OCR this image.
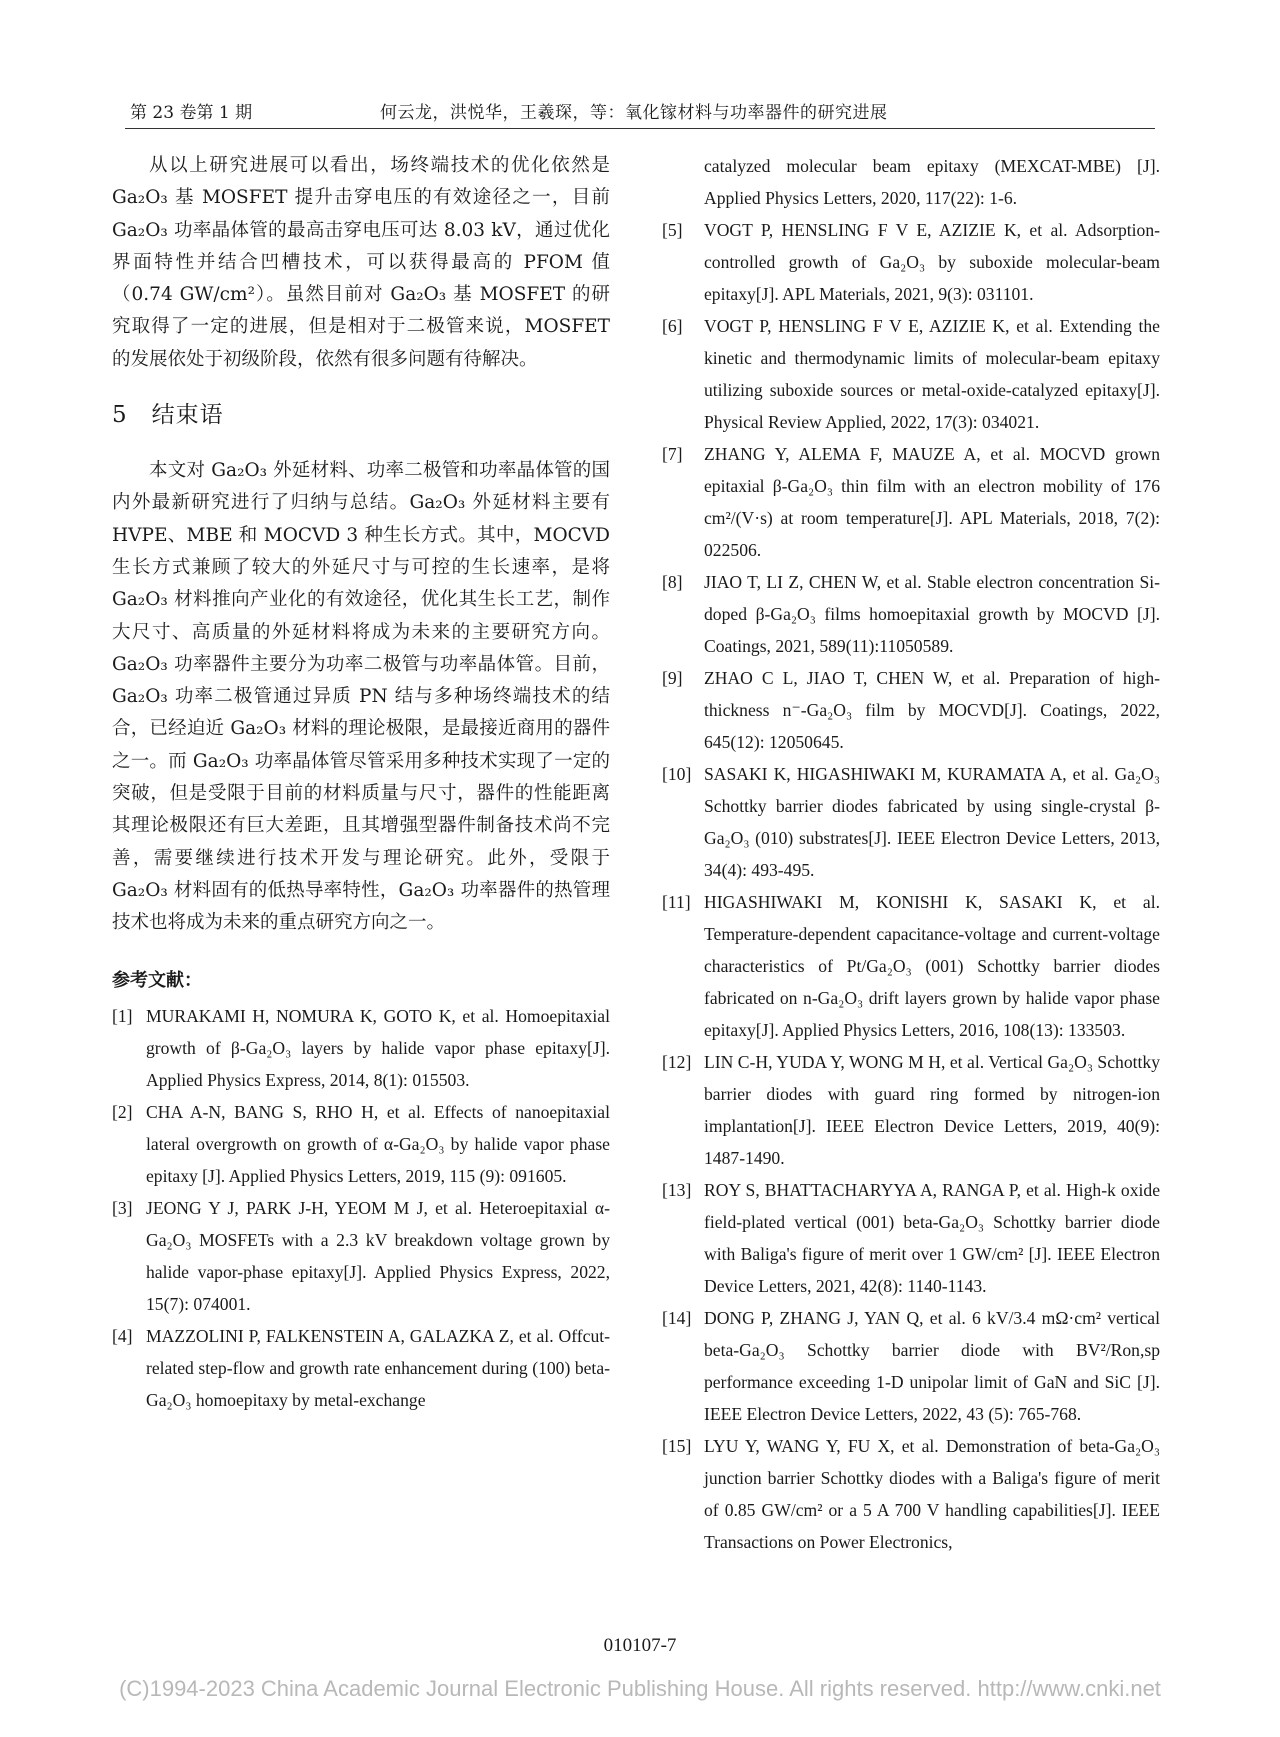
第 23 卷第 1 期	何云龙，洪悦华，王羲琛，等：氧化镓材料与功率器件的研究进展

从以上研究进展可以看出，场终端技术的优化依然是 Ga₂O₃ 基 MOSFET 提升击穿电压的有效途径之一，目前 Ga₂O₃ 功率晶体管的最高击穿电压可达 8.03 kV，通过优化界面特性并结合凹槽技术，可以获得最高的 PFOM 值（0.74 GW/cm²）。虽然目前对 Ga₂O₃ 基 MOSFET 的研究取得了一定的进展，但是相对于二极管来说，MOSFET 的发展依处于初级阶段，依然有很多问题有待解决。

5　结束语

本文对 Ga₂O₃ 外延材料、功率二极管和功率晶体管的国内外最新研究进行了归纳与总结。Ga₂O₃ 外延材料主要有 HVPE、MBE 和 MOCVD 3 种生长方式。其中，MOCVD 生长方式兼顾了较大的外延尺寸与可控的生长速率，是将 Ga₂O₃ 材料推向产业化的有效途径，优化其生长工艺，制作大尺寸、高质量的外延材料将成为未来的主要研究方向。Ga₂O₃ 功率器件主要分为功率二极管与功率晶体管。目前，Ga₂O₃ 功率二极管通过异质 PN 结与多种场终端技术的结合，已经迫近 Ga₂O₃ 材料的理论极限，是最接近商用的器件之一。而 Ga₂O₃ 功率晶体管尽管采用多种技术实现了一定的突破，但是受限于目前的材料质量与尺寸，器件的性能距离其理论极限还有巨大差距，且其增强型器件制备技术尚不完善，需要继续进行技术开发与理论研究。此外，受限于 Ga₂O₃ 材料固有的低热导率特性，Ga₂O₃ 功率器件的热管理技术也将成为未来的重点研究方向之一。

参考文献：
[1] MURAKAMI H, NOMURA K, GOTO K, et al. Homoepitaxial growth of β-Ga₂O₃ layers by halide vapor phase epitaxy[J]. Applied Physics Express, 2014, 8(1): 015503.
[2] CHA A-N, BANG S, RHO H, et al. Effects of nanoepitaxial lateral overgrowth on growth of α-Ga₂O₃ by halide vapor phase epitaxy [J]. Applied Physics Letters, 2019, 115 (9): 091605.
[3] JEONG Y J, PARK J-H, YEOM M J, et al. Heteroepitaxial α-Ga₂O₃ MOSFETs with a 2.3 kV breakdown voltage grown by halide vapor-phase epitaxy[J]. Applied Physics Express, 2022, 15(7): 074001.
[4] MAZZOLINI P, FALKENSTEIN A, GALAZKA Z, et al. Offcut-related step-flow and growth rate enhancement during (100) beta-Ga₂O₃ homoepitaxy by metal-exchange
catalyzed molecular beam epitaxy (MEXCAT-MBE) [J]. Applied Physics Letters, 2020, 117(22): 1-6.
[5]	VOGT P, HENSLING F V E, AZIZIE K, et al. Adsorption-controlled growth of Ga₂O₃ by suboxide molecular-beam epitaxy[J]. APL Materials, 2021, 9(3): 031101.
[6]	VOGT P, HENSLING F V E, AZIZIE K, et al. Extending the kinetic and thermodynamic limits of molecular-beam epitaxy utilizing suboxide sources or metal-oxide-catalyzed epitaxy[J]. Physical Review Applied, 2022, 17(3): 034021.
[7]	ZHANG Y, ALEMA F, MAUZE A, et al. MOCVD grown epitaxial β-Ga₂O₃ thin film with an electron mobility of 176 cm²/(V·s) at room temperature[J]. APL Materials, 2018, 7(2): 022506.
[8]	JIAO T, LI Z, CHEN W, et al. Stable electron concentration Si-doped β-Ga₂O₃ films homoepitaxial growth by MOCVD [J]. Coatings, 2021, 589(11):11050589.
[9]	ZHAO C L, JIAO T, CHEN W, et al. Preparation of high-thickness n⁻-Ga₂O₃ film by MOCVD[J]. Coatings, 2022, 645(12): 12050645.
[10] SASAKI K, HIGASHIWAKI M, KURAMATA A, et al. Ga₂O₃ Schottky barrier diodes fabricated by using single-crystal β-Ga₂O₃ (010) substrates[J]. IEEE Electron Device Letters, 2013, 34(4): 493-495.
[11] HIGASHIWAKI M, KONISHI K, SASAKI K, et al. Temperature-dependent capacitance-voltage and current-voltage characteristics of Pt/Ga₂O₃ (001) Schottky barrier diodes fabricated on n-Ga₂O₃ drift layers grown by halide vapor phase epitaxy[J]. Applied Physics Letters, 2016, 108(13): 133503.
[12] LIN C-H, YUDA Y, WONG M H, et al. Vertical Ga₂O₃ Schottky barrier diodes with guard ring formed by nitrogen-ion implantation[J]. IEEE Electron Device Letters, 2019, 40(9): 1487-1490.
[13] ROY S, BHATTACHARYYA A, RANGA P, et al. High-k oxide field-plated vertical (001) beta-Ga₂O₃ Schottky barrier diode with Baliga's figure of merit over 1 GW/cm² [J]. IEEE Electron Device Letters, 2021, 42(8): 1140-1143.
[14] DONG P, ZHANG J, YAN Q, et al. 6 kV/3.4 mΩ·cm² vertical beta-Ga₂O₃ Schottky barrier diode with BV²/Ron,sp performance exceeding 1-D unipolar limit of GaN and SiC [J]. IEEE Electron Device Letters, 2022, 43 (5): 765-768.
[15] LYU Y, WANG Y, FU X, et al. Demonstration of beta-Ga₂O₃ junction barrier Schottky diodes with a Baliga's figure of merit of 0.85 GW/cm² or a 5 A 700 V handling capabilities[J]. IEEE Transactions on Power Electronics,
010107-7
(C)1994-2023 China Academic Journal Electronic Publishing House. All rights reserved. http://www.cnki.net
